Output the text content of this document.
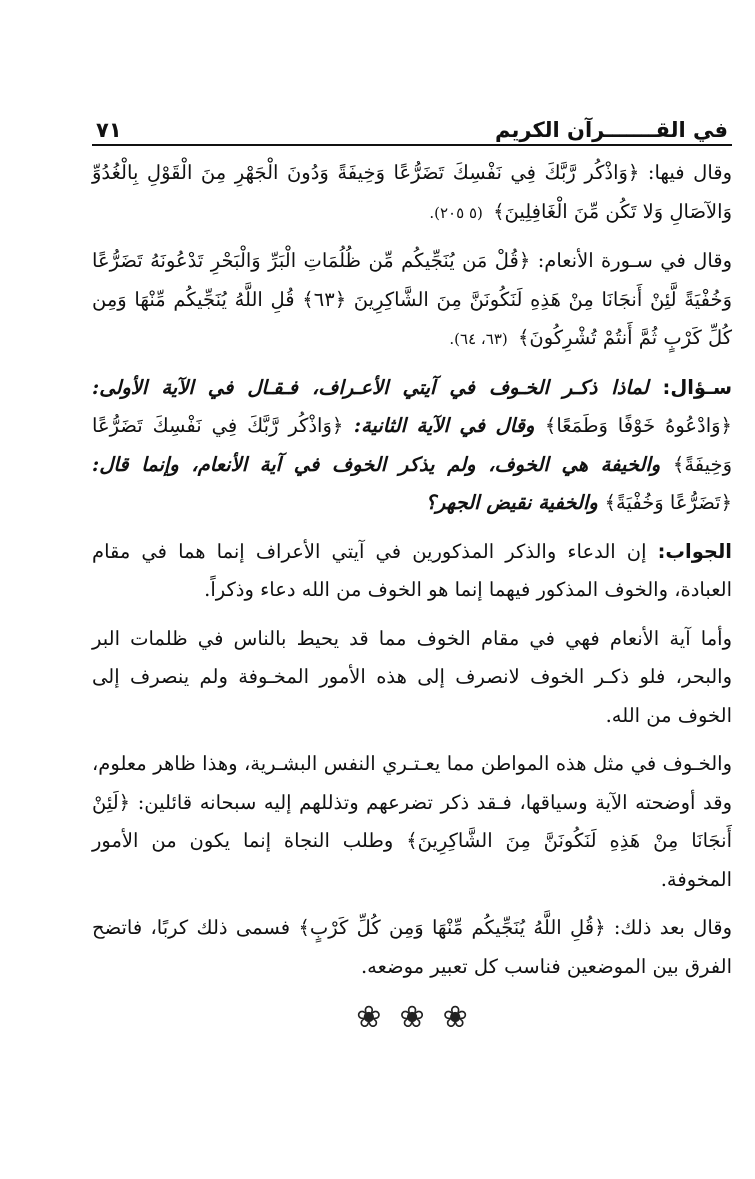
في القـــــــرآن الكريم
٧١

وقال فيها: ﴿وَاذْكُر رَّبَّكَ فِي نَفْسِكَ تَضَرُّعًا وَخِيفَةً وَدُونَ الْجَهْرِ مِنَ الْقَوْلِ بِالْغُدُوِّ وَالآصَالِ وَلا تَكُن مِّنَ الْغَافِلِينَ﴾ (٥ ٢٠٥).

وقال في سـورة الأنعام: ﴿قُلْ مَن يُنَجِّيكُم مِّن ظُلُمَاتِ الْبَرِّ وَالْبَحْرِ تَدْعُونَهُ تَضَرُّعًا وَخُفْيَةً لَّئِنْ أَنجَانَا مِنْ هَذِهِ لَنَكُونَنَّ مِنَ الشَّاكِرِينَ ﴿٦٣﴾ قُلِ اللَّهُ يُنَجِّيكُم مِّنْهَا وَمِن كُلِّ كَرْبٍ ثُمَّ أَنتُمْ تُشْرِكُونَ﴾ (٦٣، ٦٤).

سـؤال: لماذا ذكـر الخـوف في آيتي الأعـراف، فـقـال في الآية الأولى: ﴿وَادْعُوهُ خَوْفًا وَطَمَعًا﴾ وقال في الآية الثانية: ﴿وَاذْكُر رَّبَّكَ فِي نَفْسِكَ تَضَرُّعًا وَخِيفَةً﴾ والخيفة هي الخوف، ولم يذكر الخوف في آية الأنعام، وإنما قال: ﴿تَضَرُّعًا وَخُفْيَةً﴾ والخفية نقيض الجهر؟

الجواب: إن الدعاء والذكر المذكورين في آيتي الأعراف إنما هما في مقام العبادة، والخوف المذكور فيهما إنما هو الخوف من الله دعاء وذكراً.

وأما آية الأنعام فهي في مقام الخوف مما قد يحيط بالناس في ظلمات البر والبحر، فلو ذكـر الخوف لانصرف إلى هذه الأمور المخـوفة ولم ينصرف إلى الخوف من الله.

والخـوف في مثل هذه المواطن مما يعـتـري النفس البشـرية، وهذا ظاهر معلوم، وقد أوضحته الآية وسياقها، فـقد ذكر تضرعهم وتذللهم إليه سبحانه قائلين: ﴿لَئِنْ أَنجَانَا مِنْ هَذِهِ لَنَكُونَنَّ مِنَ الشَّاكِرِينَ﴾ وطلب النجاة إنما يكون من الأمور المخوفة.

وقال بعد ذلك: ﴿قُلِ اللَّهُ يُنَجِّيكُم مِّنْهَا وَمِن كُلِّ كَرْبٍ﴾ فسمى ذلك كربًا، فاتضح الفرق بين الموضعين فناسب كل تعبير موضعه.

❀
❀
❀
